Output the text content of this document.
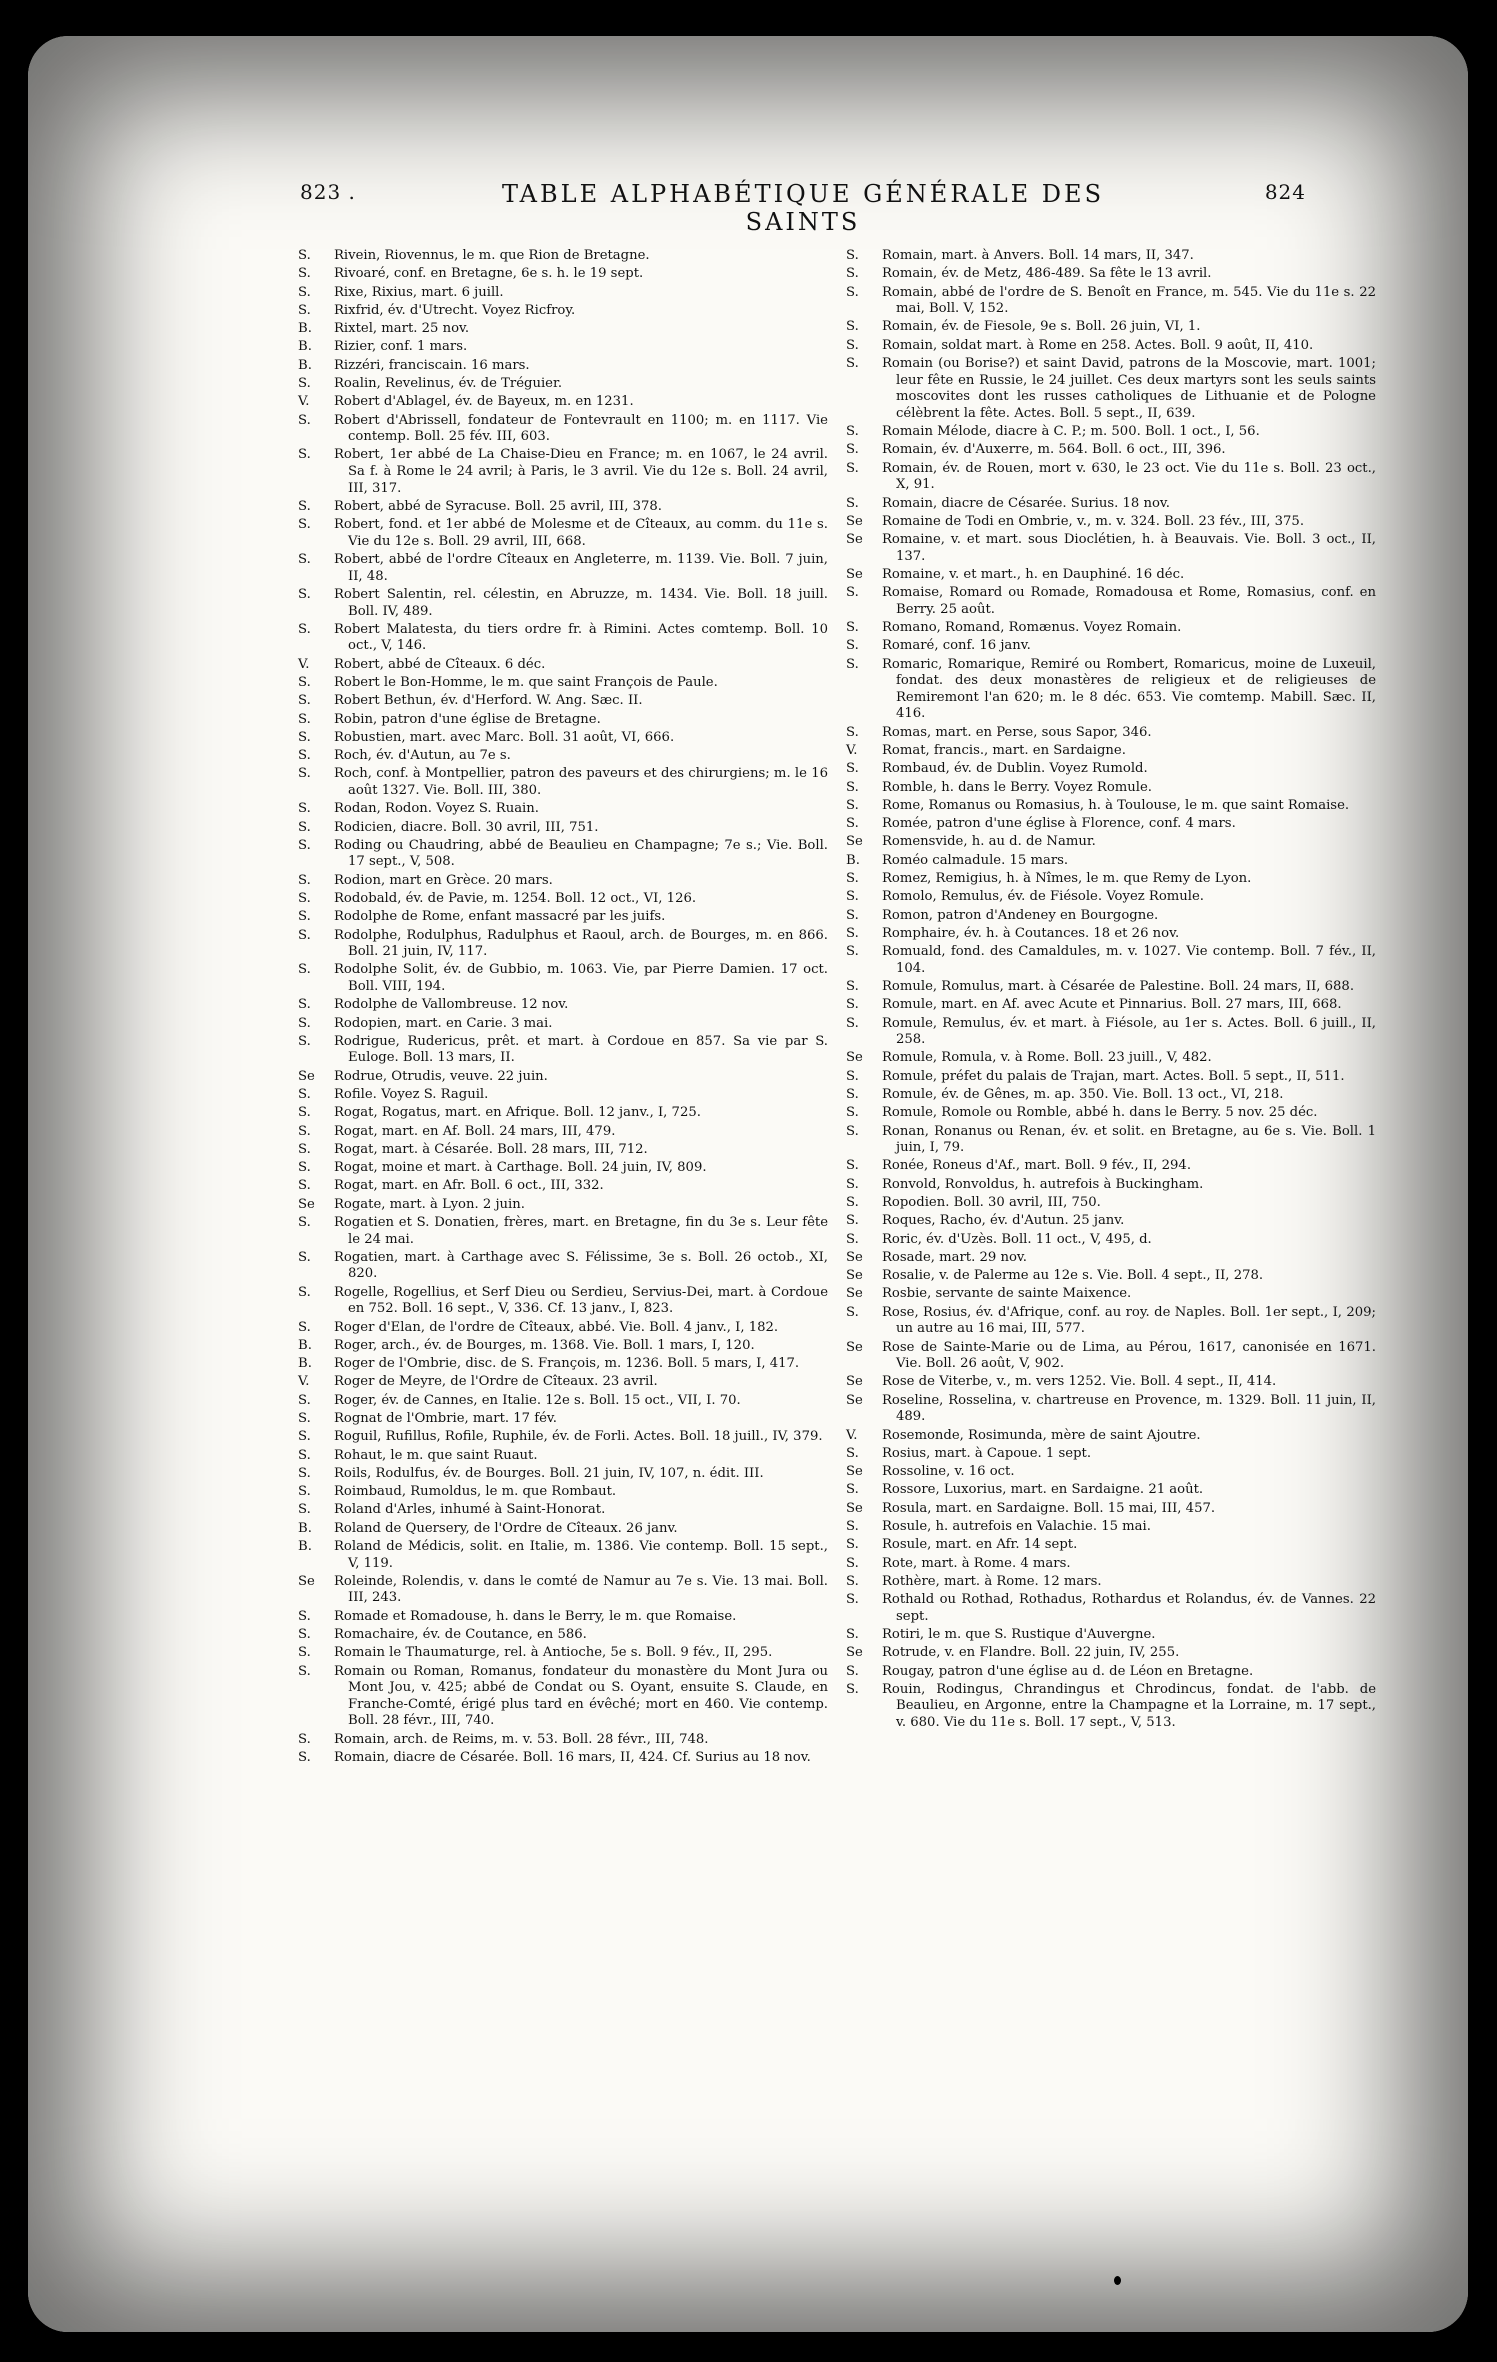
823 .	TABLE ALPHABÉTIQUE GÉNÉRALE DES SAINTS
824
S.	Rivein, Riovennus, le m. que Rion de Bretagne.
S.	Rivoaré, conf. en Bretagne, 6e s. h. le 19 sept.
S.	Rixe, Rixius, mart. 6 juill.
S.	Rixfrid, év. d'Utrecht. Voyez Ricfroy.
B.	Rixtel, mart. 25 nov.
B.	Rizier, conf. 1 mars.
B.	Rizzéri, franciscain. 16 mars.
S.	Roalin, Revelinus, év. de Tréguier.
V.	Robert d'Ablagel, év. de Bayeux, m. en 1231.
S.	Robert d'Abrissell, fondateur de Fontevrault en 1100; m. en 1117. Vie contemp. Boll. 25 fév. III, 603.
S.	Robert, 1er abbé de La Chaise-Dieu en France; m. en 1067, le 24 avril. Sa f. à Rome le 24 avril; à Paris, le 3 avril. Vie du 12e s. Boll. 24 avril, III, 317.
S.	Robert, abbé de Syracuse. Boll. 25 avril, III, 378.
S.	Robert, fond. et 1er abbé de Molesme et de Cîteaux, au comm. du 11e s. Vie du 12e s. Boll. 29 avril, III, 668.
S.	Robert, abbé de l'ordre Cîteaux en Angleterre, m. 1139. Vie. Boll. 7 juin, II, 48.
S.	Robert Salentin, rel. célestin, en Abruzze, m. 1434. Vie. Boll. 18 juill. Boll. IV, 489.
S.	Robert Malatesta, du tiers ordre fr. à Rimini. Actes comtemp. Boll. 10 oct., V, 146.
V.	Robert, abbé de Cîteaux. 6 déc.
S.	Robert le Bon-Homme, le m. que saint François de Paule.
S.	Robert Bethun, év. d'Herford. W. Ang. Sæc. II.
S.	Robin, patron d'une église de Bretagne.
S.	Robustien, mart. avec Marc. Boll. 31 août, VI, 666.
S.	Roch, év. d'Autun, au 7e s.
S.	Roch, conf. à Montpellier, patron des paveurs et des chirurgiens; m. le 16 août 1327. Vie. Boll. III, 380.
S.	Rodan, Rodon. Voyez S. Ruain.
S.	Rodicien, diacre. Boll. 30 avril, III, 751.
S.	Roding ou Chaudring, abbé de Beaulieu en Champagne; 7e s.; Vie. Boll. 17 sept., V, 508.
S.	Rodion, mart en Grèce. 20 mars.
S.	Rodobald, év. de Pavie, m. 1254. Boll. 12 oct., VI, 126.
S.	Rodolphe de Rome, enfant massacré par les juifs.
S.	Rodolphe, Rodulphus, Radulphus et Raoul, arch. de Bourges, m. en 866. Boll. 21 juin, IV, 117.
S.	Rodolphe Solit, év. de Gubbio, m. 1063. Vie, par Pierre Damien. 17 oct. Boll. VIII, 194.
S.	Rodolphe de Vallombreuse. 12 nov.
S.	Rodopien, mart. en Carie. 3 mai.
S.	Rodrigue, Rudericus, prêt. et mart. à Cordoue en 857. Sa vie par S. Euloge. Boll. 13 mars, II.
Se	Rodrue, Otrudis, veuve. 22 juin.
S.	Rofile. Voyez S. Raguil.
S.	Rogat, Rogatus, mart. en Afrique. Boll. 12 janv., I, 725.
S.	Rogat, mart. en Af. Boll. 24 mars, III, 479.
S.	Rogat, mart. à Césarée. Boll. 28 mars, III, 712.
S.	Rogat, moine et mart. à Carthage. Boll. 24 juin, IV, 809.
S.	Rogat, mart. en Afr. Boll. 6 oct., III, 332.
Se	Rogate, mart. à Lyon. 2 juin.
S.	Rogatien et S. Donatien, frères, mart. en Bretagne, fin du 3e s. Leur fête le 24 mai.
S.	Rogatien, mart. à Carthage avec S. Félissime, 3e s. Boll. 26 octob., XI, 820.
S.	Rogelle, Rogellius, et Serf Dieu ou Serdieu, Servius-Dei, mart. à Cordoue en 752. Boll. 16 sept., V, 336. Cf. 13 janv., I, 823.
S.	Roger d'Elan, de l'ordre de Cîteaux, abbé. Vie. Boll. 4 janv., I, 182.
B.	Roger, arch., év. de Bourges, m. 1368. Vie. Boll. 1 mars, I, 120.
B.	Roger de l'Ombrie, disc. de S. François, m. 1236. Boll. 5 mars, I, 417.
V.	Roger de Meyre, de l'Ordre de Cîteaux. 23 avril.
S.	Roger, év. de Cannes, en Italie. 12e s. Boll. 15 oct., VII, I. 70.
S.	Rognat de l'Ombrie, mart. 17 fév.
S.	Roguil, Rufillus, Rofile, Ruphile, év. de Forli. Actes. Boll. 18 juill., IV, 379.
S.	Rohaut, le m. que saint Ruaut.
S.	Roils, Rodulfus, év. de Bourges. Boll. 21 juin, IV, 107, n. édit. III.
S.	Roimbaud, Rumoldus, le m. que Rombaut.
S.	Roland d'Arles, inhumé à Saint-Honorat.
B.	Roland de Quersery, de l'Ordre de Cîteaux. 26 janv.
B.	Roland de Médicis, solit. en Italie, m. 1386. Vie contemp. Boll. 15 sept., V, 119.
Se	Roleinde, Rolendis, v. dans le comté de Namur au 7e s. Vie. 13 mai. Boll. III, 243.
S.	Romade et Romadouse, h. dans le Berry, le m. que Romaise.
S.	Romachaire, év. de Coutance, en 586.
S.	Romain le Thaumaturge, rel. à Antioche, 5e s. Boll. 9 fév., II, 295.
S.	Romain ou Roman, Romanus, fondateur du monastère du Mont Jura ou Mont Jou, v. 425; abbé de Condat ou S. Oyant, ensuite S. Claude, en Franche-Comté, érigé plus tard en évêché; mort en 460. Vie contemp. Boll. 28 févr., III, 740.
S.	Romain, arch. de Reims, m. v. 53. Boll. 28 févr., III, 748.
S.	Romain, diacre de Césarée. Boll. 16 mars, II, 424. Cf. Surius au 18 nov.
S.	Romain, mart. à Anvers. Boll. 14 mars, II, 347.
S.	Romain, év. de Metz, 486-489. Sa fête le 13 avril.
S.	Romain, abbé de l'ordre de S. Benoît en France, m. 545. Vie du 11e s. 22 mai, Boll. V, 152.
S.	Romain, év. de Fiesole, 9e s. Boll. 26 juin, VI, 1.
S.	Romain, soldat mart. à Rome en 258. Actes. Boll. 9 août, II, 410.
S.	Romain (ou Borise?) et saint David, patrons de la Moscovie, mart. 1001; leur fête en Russie, le 24 juillet. Ces deux martyrs sont les seuls saints moscovites dont les russes catholiques de Lithuanie et de Pologne célèbrent la fête. Actes. Boll. 5 sept., II, 639.
S.	Romain Mélode, diacre à C. P.; m. 500. Boll. 1 oct., I, 56.
S.	Romain, év. d'Auxerre, m. 564. Boll. 6 oct., III, 396.
S.	Romain, év. de Rouen, mort v. 630, le 23 oct. Vie du 11e s. Boll. 23 oct., X, 91.
S.	Romain, diacre de Césarée. Surius. 18 nov.
Se	Romaine de Todi en Ombrie, v., m. v. 324. Boll. 23 fév., III, 375.
Se	Romaine, v. et mart. sous Dioclétien, h. à Beauvais. Vie. Boll. 3 oct., II, 137.
Se	Romaine, v. et mart., h. en Dauphiné. 16 déc.
S.	Romaise, Romard ou Romade, Romadousa et Rome, Romasius, conf. en Berry. 25 août.
S.	Romano, Romand, Romænus. Voyez Romain.
S.	Romaré, conf. 16 janv.
S.	Romaric, Romarique, Remiré ou Rombert, Romaricus, moine de Luxeuil, fondat. des deux monastères de religieux et de religieuses de Remiremont l'an 620; m. le 8 déc. 653. Vie comtemp. Mabill. Sæc. II, 416.
S.	Romas, mart. en Perse, sous Sapor, 346.
V.	Romat, francis., mart. en Sardaigne.
S.	Rombaud, év. de Dublin. Voyez Rumold.
S.	Romble, h. dans le Berry. Voyez Romule.
S.	Rome, Romanus ou Romasius, h. à Toulouse, le m. que saint Romaise.
S.	Romée, patron d'une église à Florence, conf. 4 mars.
Se	Romensvide, h. au d. de Namur.
B.	Roméo calmadule. 15 mars.
S.	Romez, Remigius, h. à Nîmes, le m. que Remy de Lyon.
S.	Romolo, Remulus, év. de Fiésole. Voyez Romule.
S.	Romon, patron d'Andeney en Bourgogne.
S.	Romphaire, év. h. à Coutances. 18 et 26 nov.
S.	Romuald, fond. des Camaldules, m. v. 1027. Vie contemp. Boll. 7 fév., II, 104.
S.	Romule, Romulus, mart. à Césarée de Palestine. Boll. 24 mars, II, 688.
S.	Romule, mart. en Af. avec Acute et Pinnarius. Boll. 27 mars, III, 668.
S.	Romule, Remulus, év. et mart. à Fiésole, au 1er s. Actes. Boll. 6 juill., II, 258.
Se	Romule, Romula, v. à Rome. Boll. 23 juill., V, 482.
S.	Romule, préfet du palais de Trajan, mart. Actes. Boll. 5 sept., II, 511.
S.	Romule, év. de Gênes, m. ap. 350. Vie. Boll. 13 oct., VI, 218.
S.	Romule, Romole ou Romble, abbé h. dans le Berry. 5 nov. 25 déc.
S.	Ronan, Ronanus ou Renan, év. et solit. en Bretagne, au 6e s. Vie. Boll. 1 juin, I, 79.
S.	Ronée, Roneus d'Af., mart. Boll. 9 fév., II, 294.
S.	Ronvold, Ronvoldus, h. autrefois à Buckingham.
S.	Ropodien. Boll. 30 avril, III, 750.
S.	Roques, Racho, év. d'Autun. 25 janv.
S.	Roric, év. d'Uzès. Boll. 11 oct., V, 495, d.
Se	Rosade, mart. 29 nov.
Se	Rosalie, v. de Palerme au 12e s. Vie. Boll. 4 sept., II, 278.
Se	Rosbie, servante de sainte Maixence.
S.	Rose, Rosius, év. d'Afrique, conf. au roy. de Naples. Boll. 1er sept., I, 209; un autre au 16 mai, III, 577.
Se	Rose de Sainte-Marie ou de Lima, au Pérou, 1617, canonisée en 1671. Vie. Boll. 26 août, V, 902.
Se	Rose de Viterbe, v., m. vers 1252. Vie. Boll. 4 sept., II, 414.
Se	Roseline, Rosselina, v. chartreuse en Provence, m. 1329. Boll. 11 juin, II, 489.
V.	Rosemonde, Rosimunda, mère de saint Ajoutre.
S.	Rosius, mart. à Capoue. 1 sept.
Se	Rossoline, v. 16 oct.
S.	Rossore, Luxorius, mart. en Sardaigne. 21 août.
Se	Rosula, mart. en Sardaigne. Boll. 15 mai, III, 457.
S.	Rosule, h. autrefois en Valachie. 15 mai.
S.	Rosule, mart. en Afr. 14 sept.
S.	Rote, mart. à Rome. 4 mars.
S.	Rothère, mart. à Rome. 12 mars.
S.	Rothald ou Rothad, Rothadus, Rothardus et Rolandus, év. de Vannes. 22 sept.
S.	Rotiri, le m. que S. Rustique d'Auvergne.
Se	Rotrude, v. en Flandre. Boll. 22 juin, IV, 255.
S.	Rougay, patron d'une église au d. de Léon en Bretagne.
S.	Rouin, Rodingus, Chrandingus et Chrodincus, fondat. de l'abb. de Beaulieu, en Argonne, entre la Champagne et la Lorraine, m. 17 sept., v. 680. Vie du 11e s. Boll. 17 sept., V, 513.
